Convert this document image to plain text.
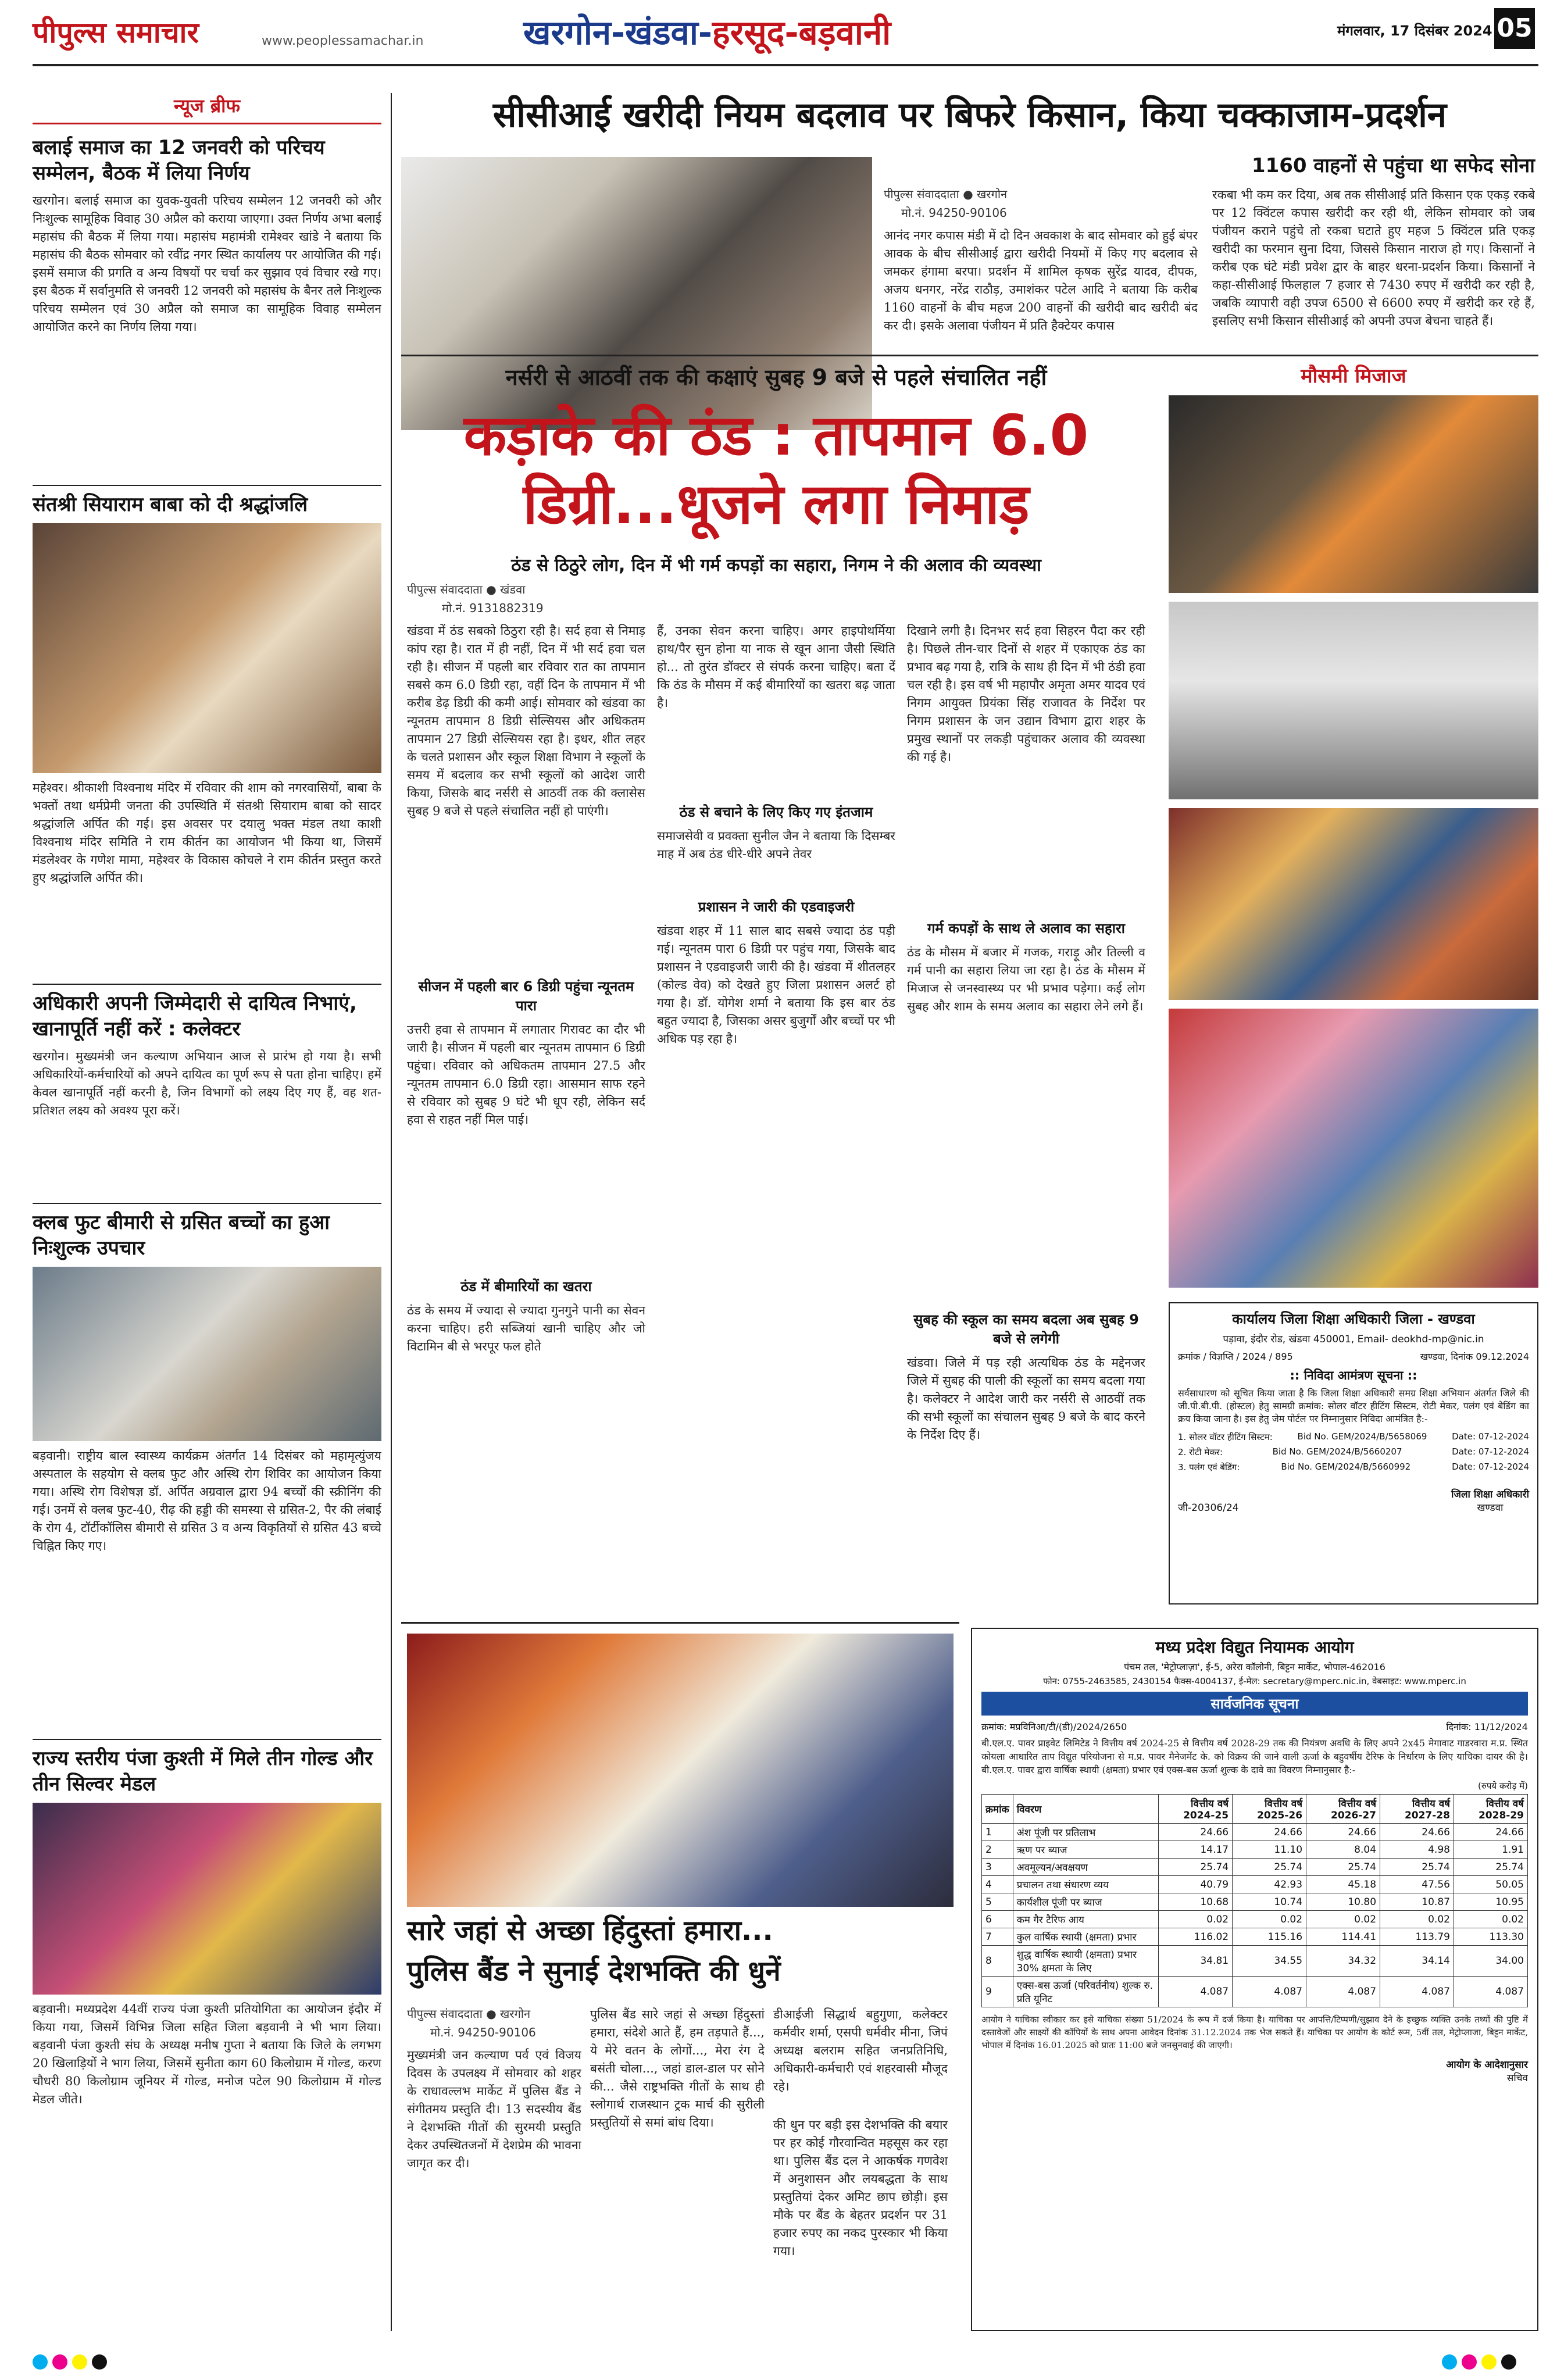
पीपुल्स समाचार	www.peoplessamachar.in	खरगोन-खंडवा-हरसूद-बड़वानी	मंगलवार, 17 दिसंबर 2024 05
न्यूज ब्रीफ
बलाई समाज का 12 जनवरी को परिचय सम्मेलन, बैठक में लिया निर्णय
खरगोन। बलाई समाज का युवक-युवती परिचय सम्मेलन 12 जनवरी को और निःशुल्क सामूहिक विवाह 30 अप्रैल को कराया जाएगा। उक्त निर्णय अभा बलाई महासंघ की बैठक में लिया गया। महासंघ महामंत्री रामेश्वर खांडे ने बताया कि महासंघ की बैठक सोमवार को रवींद्र नगर स्थित कार्यालय पर आयोजित की गई। इसमें समाज की प्रगति व अन्य विषयों पर चर्चा कर सुझाव एवं विचार रखे गए। इस बैठक में सर्वानुमति से जनवरी 12 जनवरी को महासंघ के बैनर तले निःशुल्क परिचय सम्मेलन एवं 30 अप्रैल को समाज का सामूहिक विवाह सम्मेलन आयोजित करने का निर्णय लिया गया।
संतश्री सियाराम बाबा को दी श्रद्धांजलि
महेश्वर। श्रीकाशी विश्वनाथ मंदिर में रविवार की शाम को नगरवासियों, बाबा के भक्तों तथा धर्मप्रेमी जनता की उपस्थिति में संतश्री सियाराम बाबा को सादर श्रद्धांजलि अर्पित की गई। इस अवसर पर दयालु भक्त मंडल तथा काशी विश्वनाथ मंदिर समिति ने राम कीर्तन का आयोजन भी किया था, जिसमें मंडलेश्वर के गणेश मामा, महेश्वर के विकास कोचले ने राम कीर्तन प्रस्तुत करते हुए श्रद्धांजलि अर्पित की।
अधिकारी अपनी जिम्मेदारी से दायित्व निभाएं, खानापूर्ति नहीं करें : कलेक्टर
खरगोन। मुख्यमंत्री जन कल्याण अभियान आज से प्रारंभ हो गया है। सभी अधिकारियों-कर्मचारियों को अपने दायित्व का पूर्ण रूप से पता होना चाहिए। हमें केवल खानापूर्ति नहीं करनी है, जिन विभागों को लक्ष्य दिए गए हैं, वह शत-प्रतिशत लक्ष्य को अवश्य पूरा करें।
क्लब फुट बीमारी से ग्रसित बच्चों का हुआ निःशुल्क उपचार
बड़वानी। राष्ट्रीय बाल स्वास्थ्य कार्यक्रम अंतर्गत 14 दिसंबर को महामृत्युंजय अस्पताल के सहयोग से क्लब फुट और अस्थि रोग शिविर का आयोजन किया गया। अस्थि रोग विशेषज्ञ डॉ. अर्पित अग्रवाल द्वारा 94 बच्चों की स्क्रीनिंग की गई। उनमें से क्लब फुट-40, रीढ़ की हड्डी की समस्या से ग्रसित-2, पैर की लंबाई के रोग 4, टॉर्टीकॉलिस बीमारी से ग्रसित 3 व अन्य विकृतियों से ग्रसित 43 बच्चे चिह्नित किए गए।
राज्य स्तरीय पंजा कुश्ती में मिले तीन गोल्ड और तीन सिल्वर मेडल
बड़वानी। मध्यप्रदेश 44वीं राज्य पंजा कुश्ती प्रतियोगिता का आयोजन इंदौर में किया गया, जिसमें विभिन्न जिला सहित जिला बड़वानी ने भी भाग लिया। बड़वानी पंजा कुश्ती संघ के अध्यक्ष मनीष गुप्ता ने बताया कि जिले के लगभग 20 खिलाड़ियों ने भाग लिया, जिसमें सुनीता काग 60 किलोग्राम में गोल्ड, करण चौधरी 80 किलोग्राम जूनियर में गोल्ड, मनोज पटेल 90 किलोग्राम में गोल्ड मेडल जीते।
सीसीआई खरीदी नियम बदलाव पर बिफरे किसान, किया चक्काजाम-प्रदर्शन
1160 वाहनों से पहुंचा था सफेद सोना
पीपुल्स संवाददाता ● खरगोन
मो.नं. 94250-90106
आनंद नगर कपास मंडी में दो दिन अवकाश के बाद सोमवार को हुई बंपर आवक के बीच सीसीआई द्वारा खरीदी नियमों में किए गए बदलाव से जमकर हंगामा बरपा। प्रदर्शन में शामिल कृषक सुरेंद्र यादव, दीपक, अजय धनगर, नरेंद्र राठौड़, उमाशंकर पटेल आदि ने बताया कि करीब 1160 वाहनों के बीच महज 200 वाहनों की खरीदी बाद खरीदी बंद कर दी। इसके अलावा पंजीयन में प्रति हैक्टेयर कपास
रकबा भी कम कर दिया, अब तक सीसीआई प्रति किसान एक एकड़ रकबे पर 12 क्विंटल कपास खरीदी कर रही थी, लेकिन सोमवार को जब पंजीयन कराने पहुंचे तो रकबा घटाते हुए महज 5 क्विंटल प्रति एकड़ खरीदी का फरमान सुना दिया, जिससे किसान नाराज हो गए। किसानों ने करीब एक घंटे मंडी प्रवेश द्वार के बाहर धरना-प्रदर्शन किया। किसानों ने कहा-सीसीआई फिलहाल 7 हजार से 7430 रुपए में खरीदी कर रही है, जबकि व्यापारी वही उपज 6500 से 6600 रुपए में खरीदी कर रहे हैं, इसलिए सभी किसान सीसीआई को अपनी उपज बेचना चाहते हैं।
नर्सरी से आठवीं तक की कक्षाएं सुबह 9 बजे से पहले संचालित नहीं	मौसमी मिजाज
कड़ाके की ठंड : तापमान 6.0
डिग्री...धूजने लगा निमाड़
ठंड से ठिठुरे लोग, दिन में भी गर्म कपड़ों का सहारा, निगम ने की अलाव की व्यवस्था
पीपुल्स संवाददाता ● खंडवा
मो.नं. 9131882319
खंडवा में ठंड सबको ठिठुरा रही है। सर्द हवा से निमाड़ कांप रहा है। रात में ही नहीं, दिन में भी सर्द हवा चल रही है। सीजन में पहली बार रविवार रात का तापमान सबसे कम 6.0 डिग्री रहा, वहीं दिन के तापमान में भी करीब डेढ़ डिग्री की कमी आई। सोमवार को खंडवा का न्यूनतम तापमान 8 डिग्री सेल्सियस और अधिकतम तापमान 27 डिग्री सेल्सियस रहा है। इधर, शीत लहर के चलते प्रशासन और स्कूल शिक्षा विभाग ने स्कूलों के समय में बदलाव कर सभी स्कूलों को आदेश जारी किया, जिसके बाद नर्सरी से आठवीं तक की क्लासेस सुबह 9 बजे से पहले संचालित नहीं हो पाएंगी।
सीजन में पहली बार 6 डिग्री पहुंचा न्यूनतम पारा
उत्तरी हवा से तापमान में लगातार गिरावट का दौर भी जारी है। सीजन में पहली बार न्यूनतम तापमान 6 डिग्री पहुंचा। रविवार को अधिकतम तापमान 27.5 और न्यूनतम तापमान 6.0 डिग्री रहा। आसमान साफ रहने से रविवार को सुबह 9 घंटे भी धूप रही, लेकिन सर्द हवा से राहत नहीं मिल पाई।
ठंड में बीमारियों का खतरा
ठंड के समय में ज्यादा से ज्यादा गुनगुने पानी का सेवन करना चाहिए। हरी सब्जियां खानी चाहिए और जो विटामिन बी से भरपूर फल होते
हैं, उनका सेवन करना चाहिए। अगर हाइपोथर्मिया हाथ/पैर सुन होना या नाक से खून आना जैसी स्थिति हो... तो तुरंत डॉक्टर से संपर्क करना चाहिए। बता दें कि ठंड के मौसम में कई बीमारियों का खतरा बढ़ जाता है।
ठंड से बचाने के लिए किए गए इंतजाम
समाजसेवी व प्रवक्ता सुनील जैन ने बताया कि दिसम्बर माह में अब ठंड धीरे-धीरे अपने तेवर
प्रशासन ने जारी की एडवाइजरी
खंडवा शहर में 11 साल बाद सबसे ज्यादा ठंड पड़ी गई। न्यूनतम पारा 6 डिग्री पर पहुंच गया, जिसके बाद प्रशासन ने एडवाइजरी जारी की है। खंडवा में शीतलहर (कोल्ड वेव) को देखते हुए जिला प्रशासन अलर्ट हो गया है। डॉ. योगेश शर्मा ने बताया कि इस बार ठंड बहुत ज्यादा है, जिसका असर बुजुर्गों और बच्चों पर भी अधिक पड़ रहा है।
दिखाने लगी है। दिनभर सर्द हवा सिहरन पैदा कर रही है। पिछले तीन-चार दिनों से शहर में एकाएक ठंड का प्रभाव बढ़ गया है, रात्रि के साथ ही दिन में भी ठंडी हवा चल रही है। इस वर्ष भी महापौर अमृता अमर यादव एवं निगम आयुक्त प्रियंका सिंह राजावत के निर्देश पर निगम प्रशासन के जन उद्यान विभाग द्वारा शहर के प्रमुख स्थानों पर लकड़ी पहुंचाकर अलाव की व्यवस्था की गई है।
गर्म कपड़ों के साथ ले अलाव का सहारा
ठंड के मौसम में बजार में गजक, गराड़ू और तिल्ली व गर्म पानी का सहारा लिया जा रहा है। ठंड के मौसम में मिजाज से जनस्वास्थ्य पर भी प्रभाव पड़ेगा। कई लोग सुबह और शाम के समय अलाव का सहारा लेने लगे हैं।
सुबह की स्कूल का समय बदला अब सुबह 9 बजे से लगेगी
खंडवा। जिले में पड़ रही अत्यधिक ठंड के मद्देनजर जिले में सुबह की पाली की स्कूलों का समय बदला गया है। कलेक्टर ने आदेश जारी कर नर्सरी से आठवीं तक की सभी स्कूलों का संचालन सुबह 9 बजे के बाद करने के निर्देश दिए हैं।
कार्यालय जिला शिक्षा अधिकारी जिला - खण्डवा
पड़ावा, इंदौर रोड, खंडवा 450001, Email- deokhd-mp@nic.in
क्रमांक / विज्ञप्ति / 2024 / 895	खण्डवा, दिनांक 09.12.2024
:: निविदा आमंत्रण सूचना ::
सर्वसाधारण को सूचित किया जाता है कि जिला शिक्षा अधिकारी समग्र शिक्षा अभियान अंतर्गत जिले की जी.पी.बी.पी. (होस्टल) हेतु सामग्री क्रमांक: सोलर वॉटर हीटिंग सिस्टम, रोटी मेकर, पलंग एवं बेडिंग का क्रय किया जाना है। इस हेतु जेम पोर्टल पर निम्नानुसार निविदा आमंत्रित है:-
1. सोलर वॉटर हीटिंग सिस्टम:	Bid No. GEM/2024/B/5658069	Date: 07-12-2024
2. रोटी मेकर:	Bid No. GEM/2024/B/5660207	Date: 07-12-2024
3. पलंग एवं बेडिंग:	Bid No. GEM/2024/B/5660992	Date: 07-12-2024
जी-20306/24
जिला शिक्षा अधिकारी
खण्डवा
सारे जहां से अच्छा हिंदुस्तां हमारा...
पुलिस बैंड ने सुनाई देशभक्ति की धुनें
पीपुल्स संवाददाता ● खरगोन
मो.नं. 94250-90106
मुख्यमंत्री जन कल्याण पर्व एवं विजय दिवस के उपलक्ष्य में सोमवार को शहर के राधावल्लभ मार्केट में पुलिस बैंड ने संगीतमय प्रस्तुति दी। 13 सदस्यीय बैंड ने देशभक्ति गीतों की सुरमयी प्रस्तुति देकर उपस्थितजनों में देशप्रेम की भावना जागृत कर दी।
पुलिस बैंड सारे जहां से अच्छा हिंदुस्तां हमारा, संदेशे आते हैं, हम तड़पाते हैं..., ये मेरे वतन के लोगों..., मेरा रंग दे बसंती चोला..., जहां डाल-डाल पर सोने की... जैसे राष्ट्रभक्ति गीतों के साथ ही स्लोगार्थ राजस्थान ट्रक मार्च की सुरीली प्रस्तुतियों से समां बांध दिया।
डीआईजी सिद्धार्थ बहुगुणा, कलेक्टर कर्मवीर शर्मा, एसपी धर्मवीर मीना, जिपं अध्यक्ष बलराम सहित जनप्रतिनिधि, अधिकारी-कर्मचारी एवं शहरवासी मौजूद रहे।
की धुन पर बड़ी इस देशभक्ति की बयार पर हर कोई गौरवान्वित महसूस कर रहा था। पुलिस बैंड दल ने आकर्षक गणवेश में अनुशासन और लयबद्धता के साथ प्रस्तुतियां देकर अमिट छाप छोड़ी। इस मौके पर बैंड के बेहतर प्रदर्शन पर 31 हजार रुपए का नकद पुरस्कार भी किया गया।
मध्य प्रदेश विद्युत नियामक आयोग
पंचम तल, 'मेट्रोप्लाज़ा', ई-5, अरेरा कॉलोनी, बिट्टन मार्केट, भोपाल-462016
फोन: 0755-2463585, 2430154 फैक्स-4004137, ई-मेल: secretary@mperc.nic.in, वेबसाइट: www.mperc.in
सार्वजनिक सूचना
क्रमांक: मप्रविनिआ/टी/(डी)/2024/2650	दिनांक: 11/12/2024
बी.एल.ए. पावर प्राइवेट लिमिटेड ने वित्तीय वर्ष 2024-25 से वित्तीय वर्ष 2028-29 तक की नियंत्रण अवधि के लिए अपने 2x45 मेगावाट गाडरवारा म.प्र. स्थित कोयला आधारित ताप विद्युत परियोजना से म.प्र. पावर मैनेजमेंट के. को विक्रय की जाने वाली ऊर्जा के बहुवर्षीय टैरिफ के निर्धारण के लिए याचिका दायर की है। बी.एल.ए. पावर द्वारा वार्षिक स्थायी (क्षमता) प्रभार एवं एक्स-बस ऊर्जा शुल्क के दावे का विवरण निम्नानुसार है:-
(रुपये करोड़ में)
क्रमांक	विवरण	वित्तीय वर्ष 2024-25	वित्तीय वर्ष 2025-26	वित्तीय वर्ष 2026-27	वित्तीय वर्ष 2027-28	वित्तीय वर्ष 2028-29
1	अंश पूंजी पर प्रतिलाभ	24.66	24.66	24.66	24.66	24.66
2	ऋण पर ब्याज	14.17	11.10	8.04	4.98	1.91
3	अवमूल्यन/अवक्षयण	25.74	25.74	25.74	25.74	25.74
4	प्रचालन तथा संधारण व्यय	40.79	42.93	45.18	47.56	50.05
5	कार्यशील पूंजी पर ब्याज	10.68	10.74	10.80	10.87	10.95
6	कम गैर टैरिफ आय	0.02	0.02	0.02	0.02	0.02
7	कुल वार्षिक स्थायी (क्षमता) प्रभार	116.02	115.16	114.41	113.79	113.30
8	शुद्ध वार्षिक स्थायी (क्षमता) प्रभार 30% क्षमता के लिए	34.81	34.55	34.32	34.14	34.00
9	एक्स-बस ऊर्जा (परिवर्तनीय) शुल्क रु. प्रति यूनिट	4.087	4.087	4.087	4.087	4.087
आयोग ने याचिका स्वीकार कर इसे याचिका संख्या 51/2024 के रूप में दर्ज किया है। याचिका पर आपत्ति/टिप्पणी/सुझाव देने के इच्छुक व्यक्ति उनके तथ्यों की पुष्टि में दस्तावेजों और साक्ष्यों की कॉपियों के साथ अपना आवेदन दिनांक 31.12.2024 तक भेज सकते हैं। याचिका पर आयोग के कोर्ट रूम, 5वीं तल, मेट्रोप्लाजा, बिट्टन मार्केट, भोपाल में दिनांक 16.01.2025 को प्रातः 11:00 बजे जनसुनवाई की जाएगी।
आयोग के आदेशानुसार
सचिव
